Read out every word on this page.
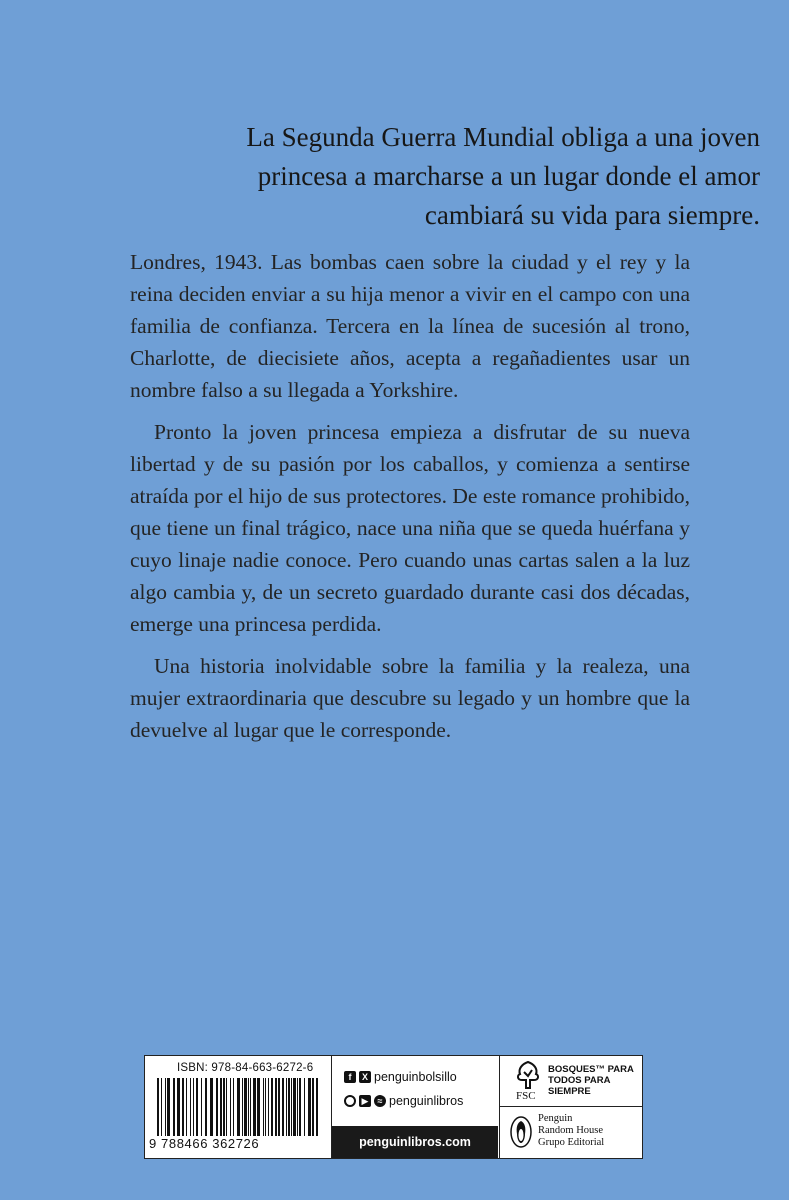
La Segunda Guerra Mundial obliga a una joven
princesa a marcharse a un lugar donde el amor
cambiará su vida para siempre.

Londres, 1943. Las bombas caen sobre la ciudad y el rey y la reina deciden enviar a su hija menor a vivir en el campo con una familia de confianza. Tercera en la línea de sucesión al trono, Charlotte, de diecisiete años, acepta a regañadientes usar un nombre falso a su llegada a Yorkshire.

Pronto la joven princesa empieza a disfrutar de su nueva libertad y de su pasión por los caballos, y comienza a sentirse atraída por el hijo de sus protectores. De este romance prohibido, que tiene un final trágico, nace una niña que se queda huérfana y cuyo linaje nadie conoce. Pero cuando unas cartas salen a la luz algo cambia y, de un secreto guardado durante casi dos décadas, emerge una princesa perdida.

Una historia inolvidable sobre la familia y la realeza, una mujer extraordinaria que descubre su legado y un hombre que la devuelve al lugar que le corresponde.

ISBN: 978-84-663-6272-6
9 788466 362726
f	X penguinbolsillo
▶	≈ penguinlibros
penguinlibros.com
FSC
BOSQUES™ PARA TODOS PARA SIEMPRE
Penguin
Random House
Grupo Editorial
